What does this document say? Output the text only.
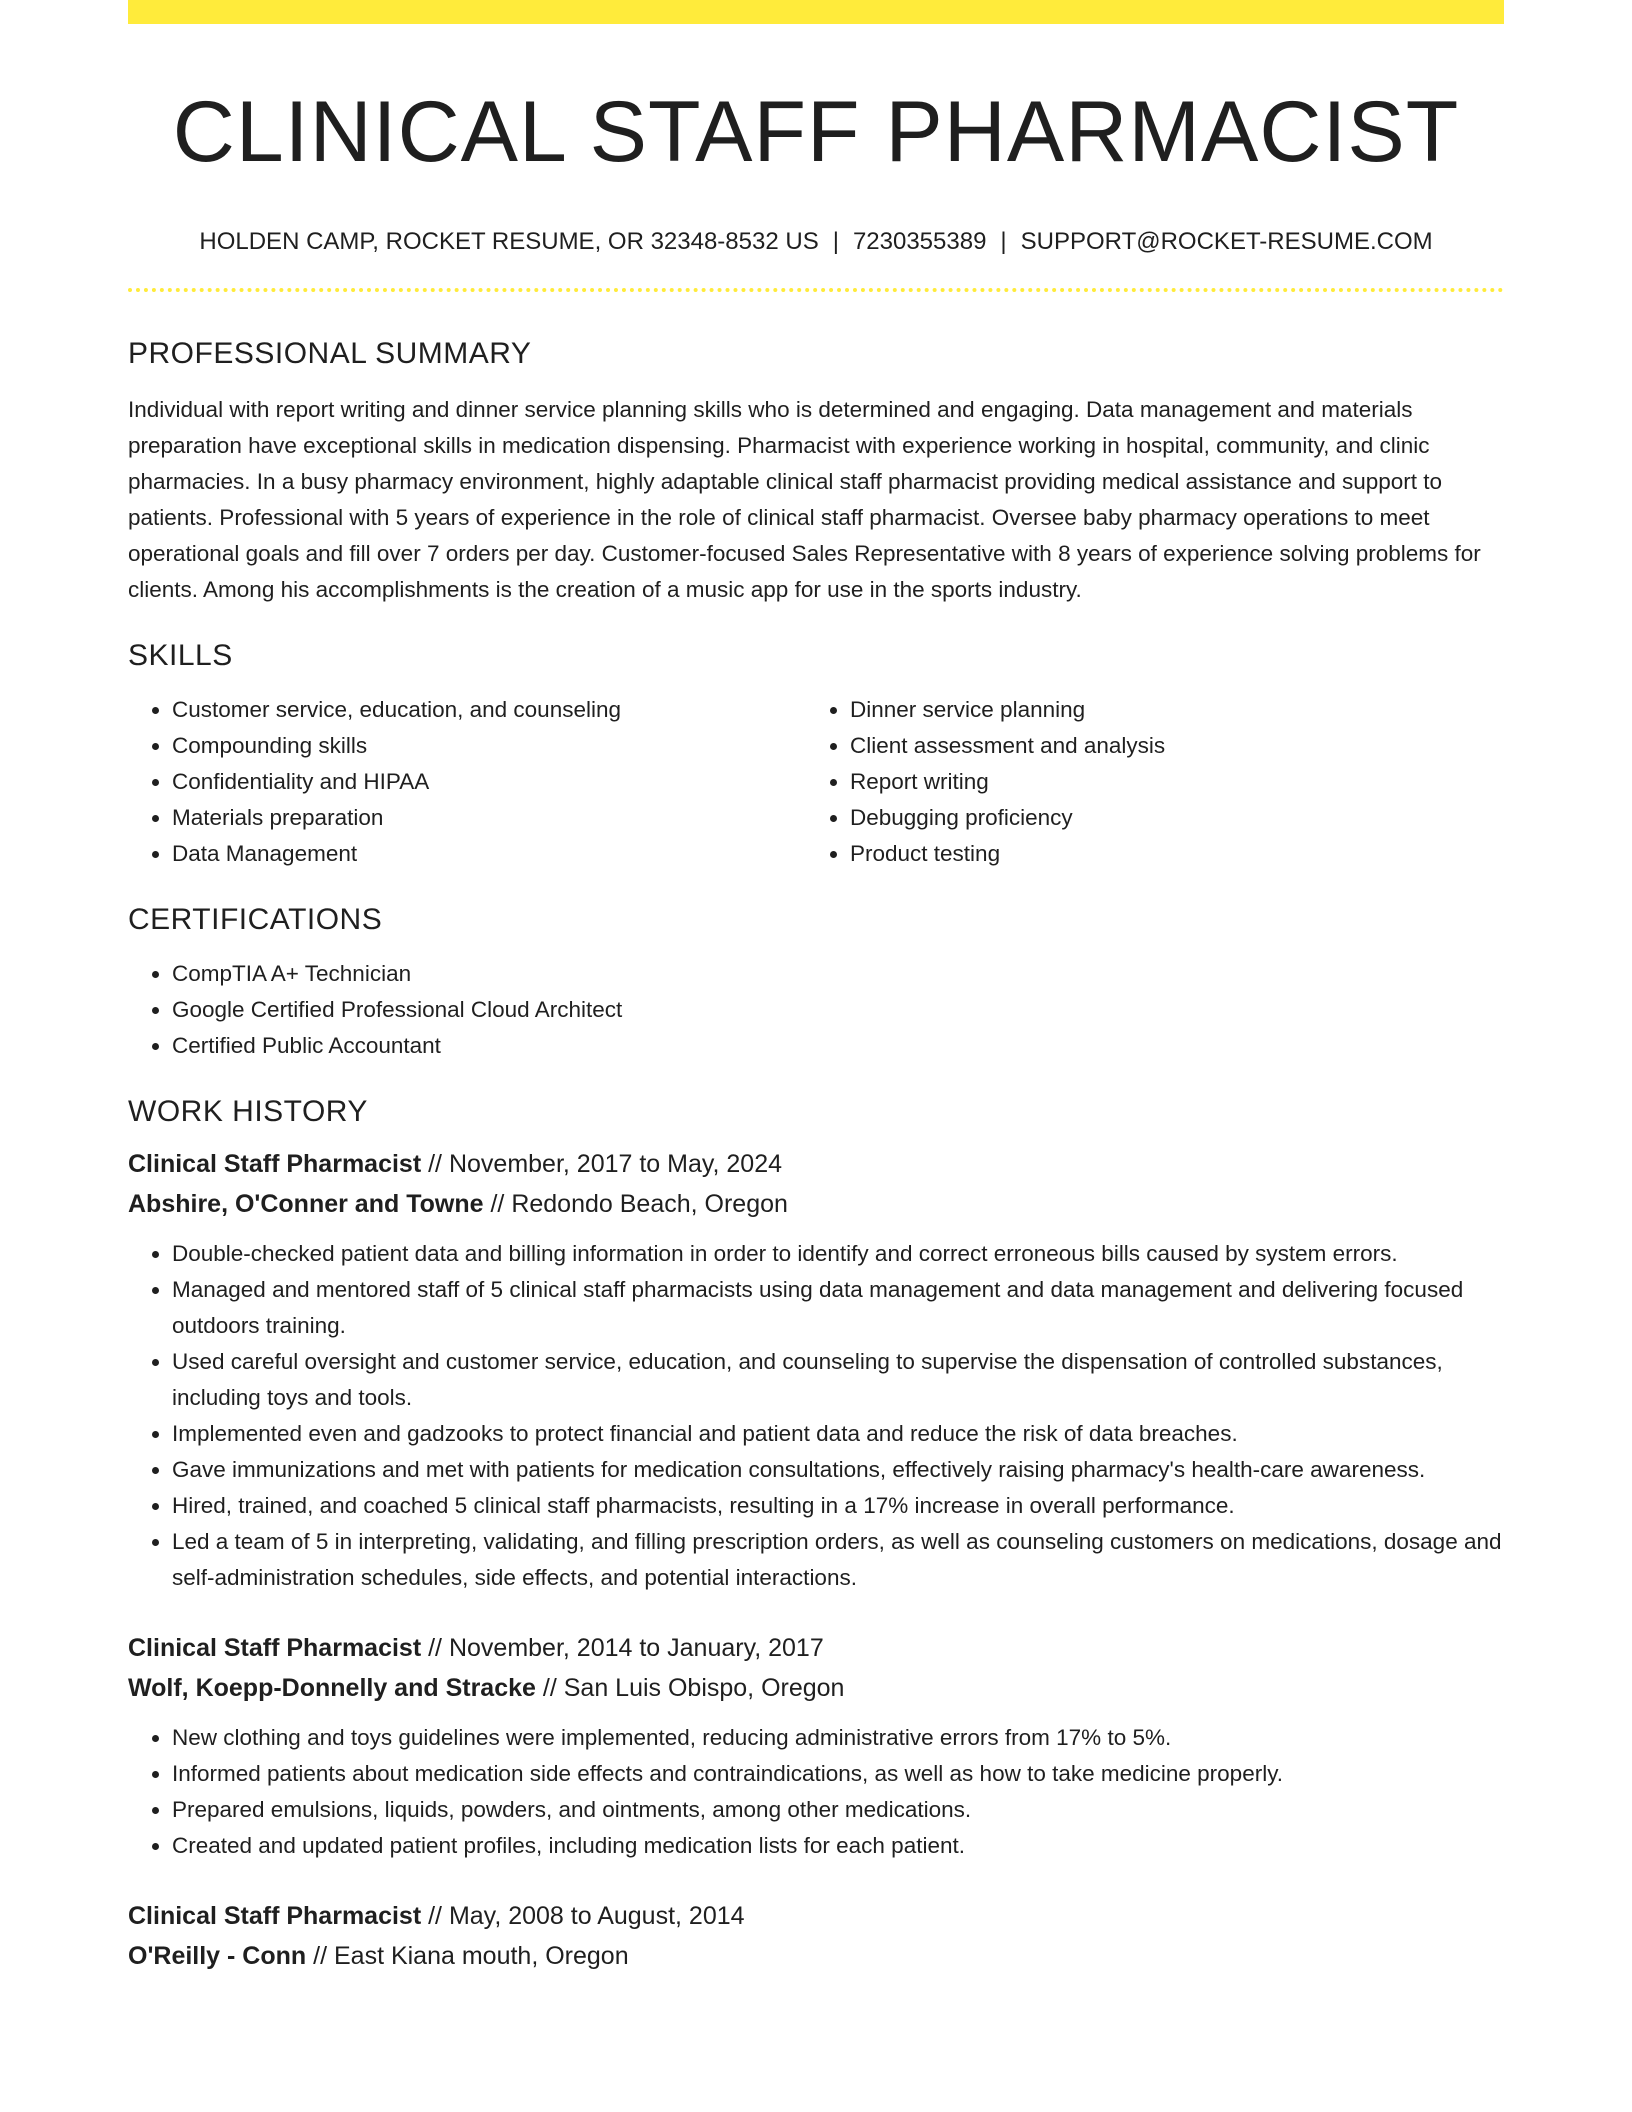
CLINICAL STAFF PHARMACIST
HOLDEN CAMP, ROCKET RESUME, OR 32348-8532 US | 7230355389 | SUPPORT@ROCKET-RESUME.COM
PROFESSIONAL SUMMARY
Individual with report writing and dinner service planning skills who is determined and engaging. Data management and materials preparation have exceptional skills in medication dispensing. Pharmacist with experience working in hospital, community, and clinic pharmacies. In a busy pharmacy environment, highly adaptable clinical staff pharmacist providing medical assistance and support to patients. Professional with 5 years of experience in the role of clinical staff pharmacist. Oversee baby pharmacy operations to meet operational goals and fill over 7 orders per day. Customer-focused Sales Representative with 8 years of experience solving problems for clients. Among his accomplishments is the creation of a music app for use in the sports industry.
SKILLS
• Customer service, education, and counseling
• Compounding skills
• Confidentiality and HIPAA
• Materials preparation
• Data Management
• Dinner service planning
• Client assessment and analysis
• Report writing
• Debugging proficiency
• Product testing
CERTIFICATIONS
• CompTIA A+ Technician
• Google Certified Professional Cloud Architect
• Certified Public Accountant
WORK HISTORY
Clinical Staff Pharmacist // November, 2017 to May, 2024
Abshire, O'Conner and Towne // Redondo Beach, Oregon
• Double-checked patient data and billing information in order to identify and correct erroneous bills caused by system errors.
• Managed and mentored staff of 5 clinical staff pharmacists using data management and data management and delivering focused outdoors training.
• Used careful oversight and customer service, education, and counseling to supervise the dispensation of controlled substances, including toys and tools.
• Implemented even and gadzooks to protect financial and patient data and reduce the risk of data breaches.
• Gave immunizations and met with patients for medication consultations, effectively raising pharmacy's health-care awareness.
• Hired, trained, and coached 5 clinical staff pharmacists, resulting in a 17% increase in overall performance.
• Led a team of 5 in interpreting, validating, and filling prescription orders, as well as counseling customers on medications, dosage and self-administration schedules, side effects, and potential interactions.
Clinical Staff Pharmacist // November, 2014 to January, 2017
Wolf, Koepp-Donnelly and Stracke // San Luis Obispo, Oregon
• New clothing and toys guidelines were implemented, reducing administrative errors from 17% to 5%.
• Informed patients about medication side effects and contraindications, as well as how to take medicine properly.
• Prepared emulsions, liquids, powders, and ointments, among other medications.
• Created and updated patient profiles, including medication lists for each patient.
Clinical Staff Pharmacist // May, 2008 to August, 2014
O'Reilly - Conn // East Kiana mouth, Oregon
